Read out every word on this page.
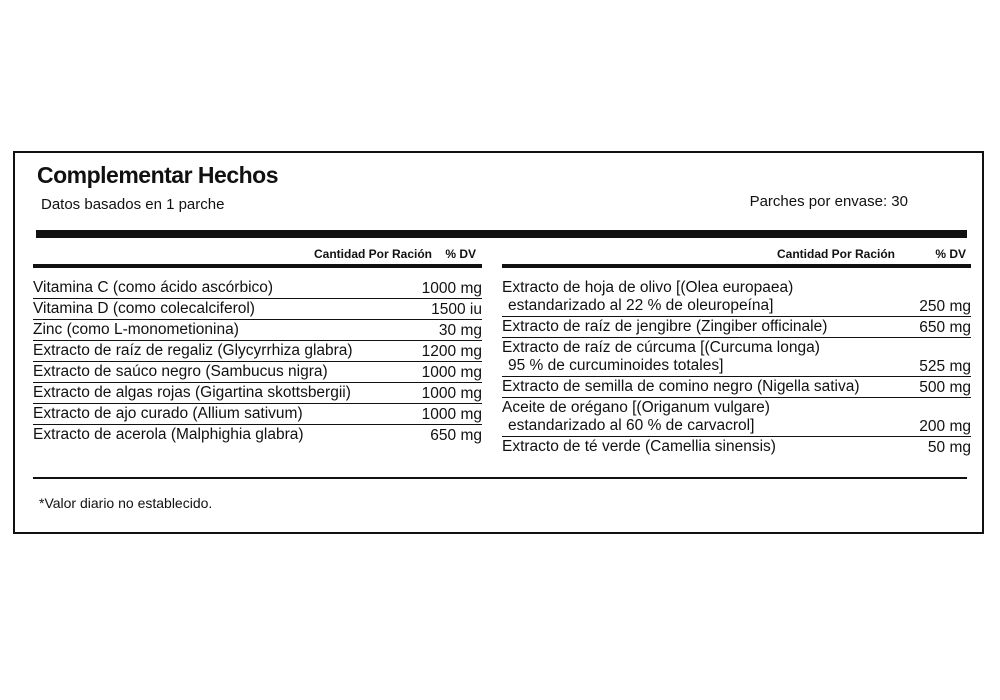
Complementar Hechos
Datos basados en 1 parche	Parches por envase: 30
Cantidad Por Ración % DV
Vitamina C (como ácido ascórbico)	1000 mg
Vitamina D (como colecalciferol)	1500 iu
Zinc (como L-monometionina)	30 mg
Extracto de raíz de regaliz (Glycyrrhiza glabra)	1200 mg
Extracto de saúco negro (Sambucus nigra)	1000 mg
Extracto de algas rojas (Gigartina skottsbergii)	1000 mg
Extracto de ajo curado (Allium sativum)	1000 mg
Extracto de acerola (Malphighia glabra)	650 mg
Cantidad Por Ración	% DV
Extracto de hoja de olivo [(Olea europaea)
estandarizado al 22 % de oleuropeína]	250 mg
Extracto de raíz de jengibre (Zingiber officinale)	650 mg
Extracto de raíz de cúrcuma [(Curcuma longa)
95 % de curcuminoides totales]	525 mg
Extracto de semilla de comino negro (Nigella sativa)	500 mg
Aceite de orégano [(Origanum vulgare)
estandarizado al 60 % de carvacrol]	200 mg
Extracto de té verde (Camellia sinensis)	50 mg
*Valor diario no establecido.
